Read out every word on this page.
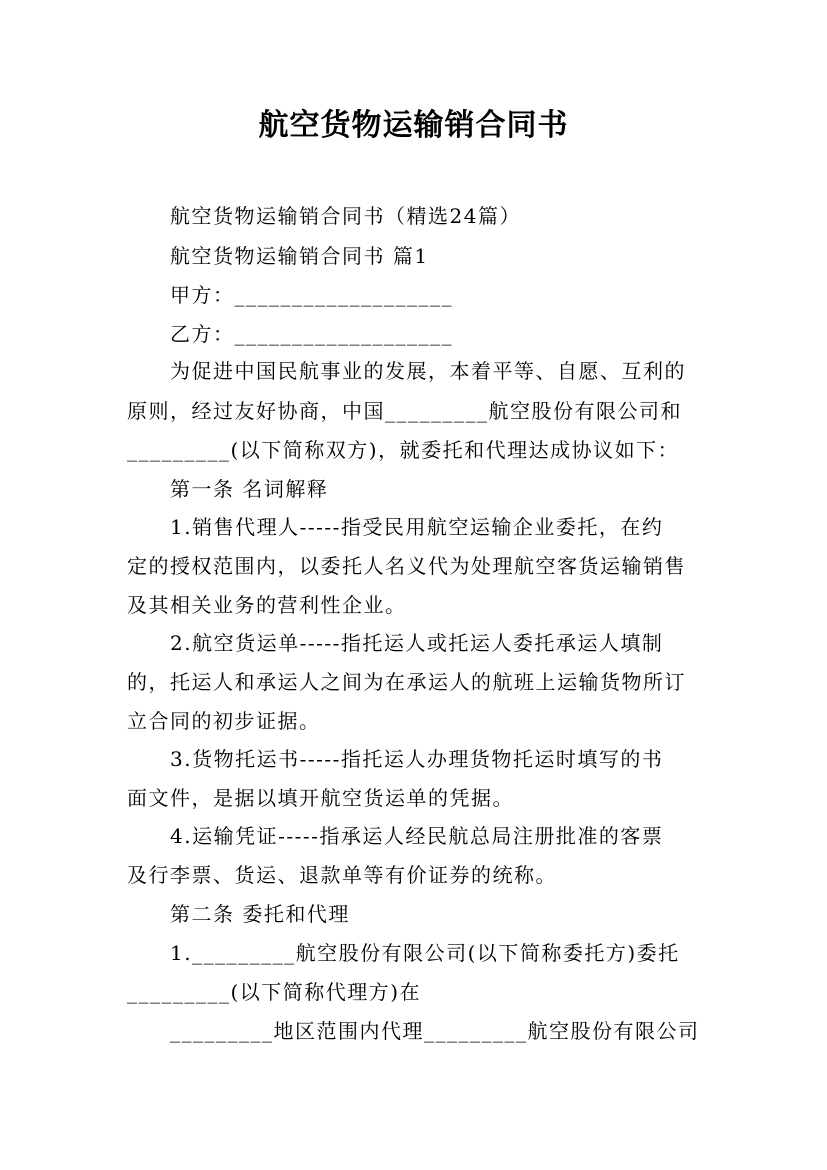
航空货物运输销合同书
航空货物运输销合同书（精选24篇）
航空货物运输销合同书 篇1
甲方：___________________
乙方：___________________
为促进中国民航事业的发展，本着平等、自愿、互利的
原则，经过友好协商，中国_________航空股份有限公司和
_________(以下简称双方)，就委托和代理达成协议如下：
第一条 名词解释
1.销售代理人-----指受民用航空运输企业委托，在约
定的授权范围内，以委托人名义代为处理航空客货运输销售
及其相关业务的营利性企业。
2.航空货运单-----指托运人或托运人委托承运人填制
的，托运人和承运人之间为在承运人的航班上运输货物所订
立合同的初步证据。
3.货物托运书-----指托运人办理货物托运时填写的书
面文件，是据以填开航空货运单的凭据。
4.运输凭证-----指承运人经民航总局注册批准的客票
及行李票、货运、退款单等有价证券的统称。
第二条 委托和代理
1._________航空股份有限公司(以下简称委托方)委托
_________(以下简称代理方)在
_________地区范围内代理_________航空股份有限公司
